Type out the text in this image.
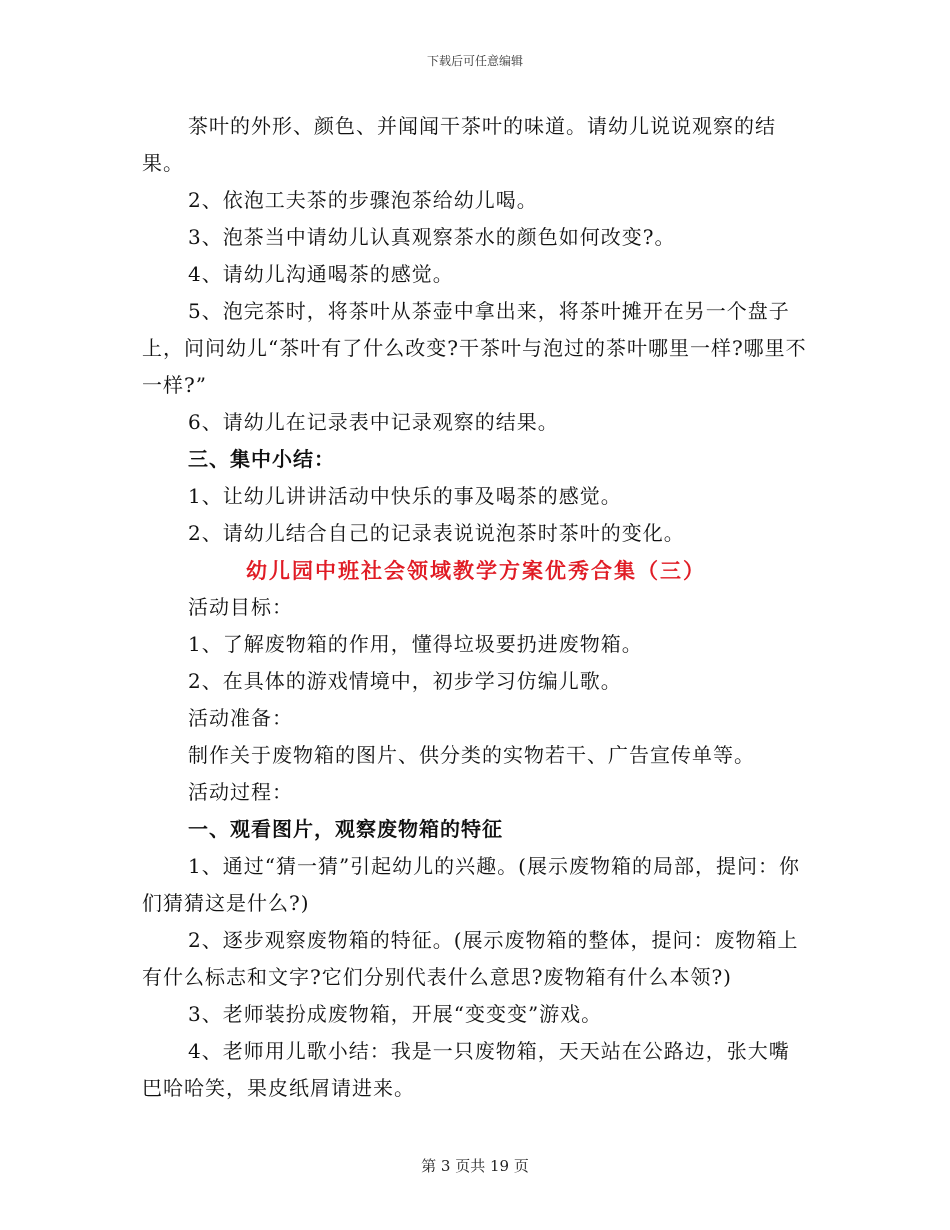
下载后可任意编辑

茶叶的外形、颜色、并闻闻干茶叶的味道。请幼儿说说观察的结果。

2、依泡工夫茶的步骤泡茶给幼儿喝。

3、泡茶当中请幼儿认真观察茶水的颜色如何改变?。

4、请幼儿沟通喝茶的感觉。

5、泡完茶时，将茶叶从茶壶中拿出来，将茶叶摊开在另一个盘子上，问问幼儿“茶叶有了什么改变?干茶叶与泡过的茶叶哪里一样?哪里不一样?”

6、请幼儿在记录表中记录观察的结果。

三、集中小结：

1、让幼儿讲讲活动中快乐的事及喝茶的感觉。

2、请幼儿结合自己的记录表说说泡茶时茶叶的变化。

幼儿园中班社会领域教学方案优秀合集（三）

活动目标：

1、了解废物箱的作用，懂得垃圾要扔进废物箱。

2、在具体的游戏情境中，初步学习仿编儿歌。

活动准备：

制作关于废物箱的图片、供分类的实物若干、广告宣传单等。

活动过程：

一、观看图片，观察废物箱的特征

1、通过“猜一猜”引起幼儿的兴趣。(展示废物箱的局部，提问：你们猜猜这是什么?)

2、逐步观察废物箱的特征。(展示废物箱的整体，提问：废物箱上有什么标志和文字?它们分别代表什么意思?废物箱有什么本领?)

3、老师装扮成废物箱，开展“变变变”游戏。

4、老师用儿歌小结：我是一只废物箱，天天站在公路边，张大嘴巴哈哈笑，果皮纸屑请进来。

第 3 页共 19 页
